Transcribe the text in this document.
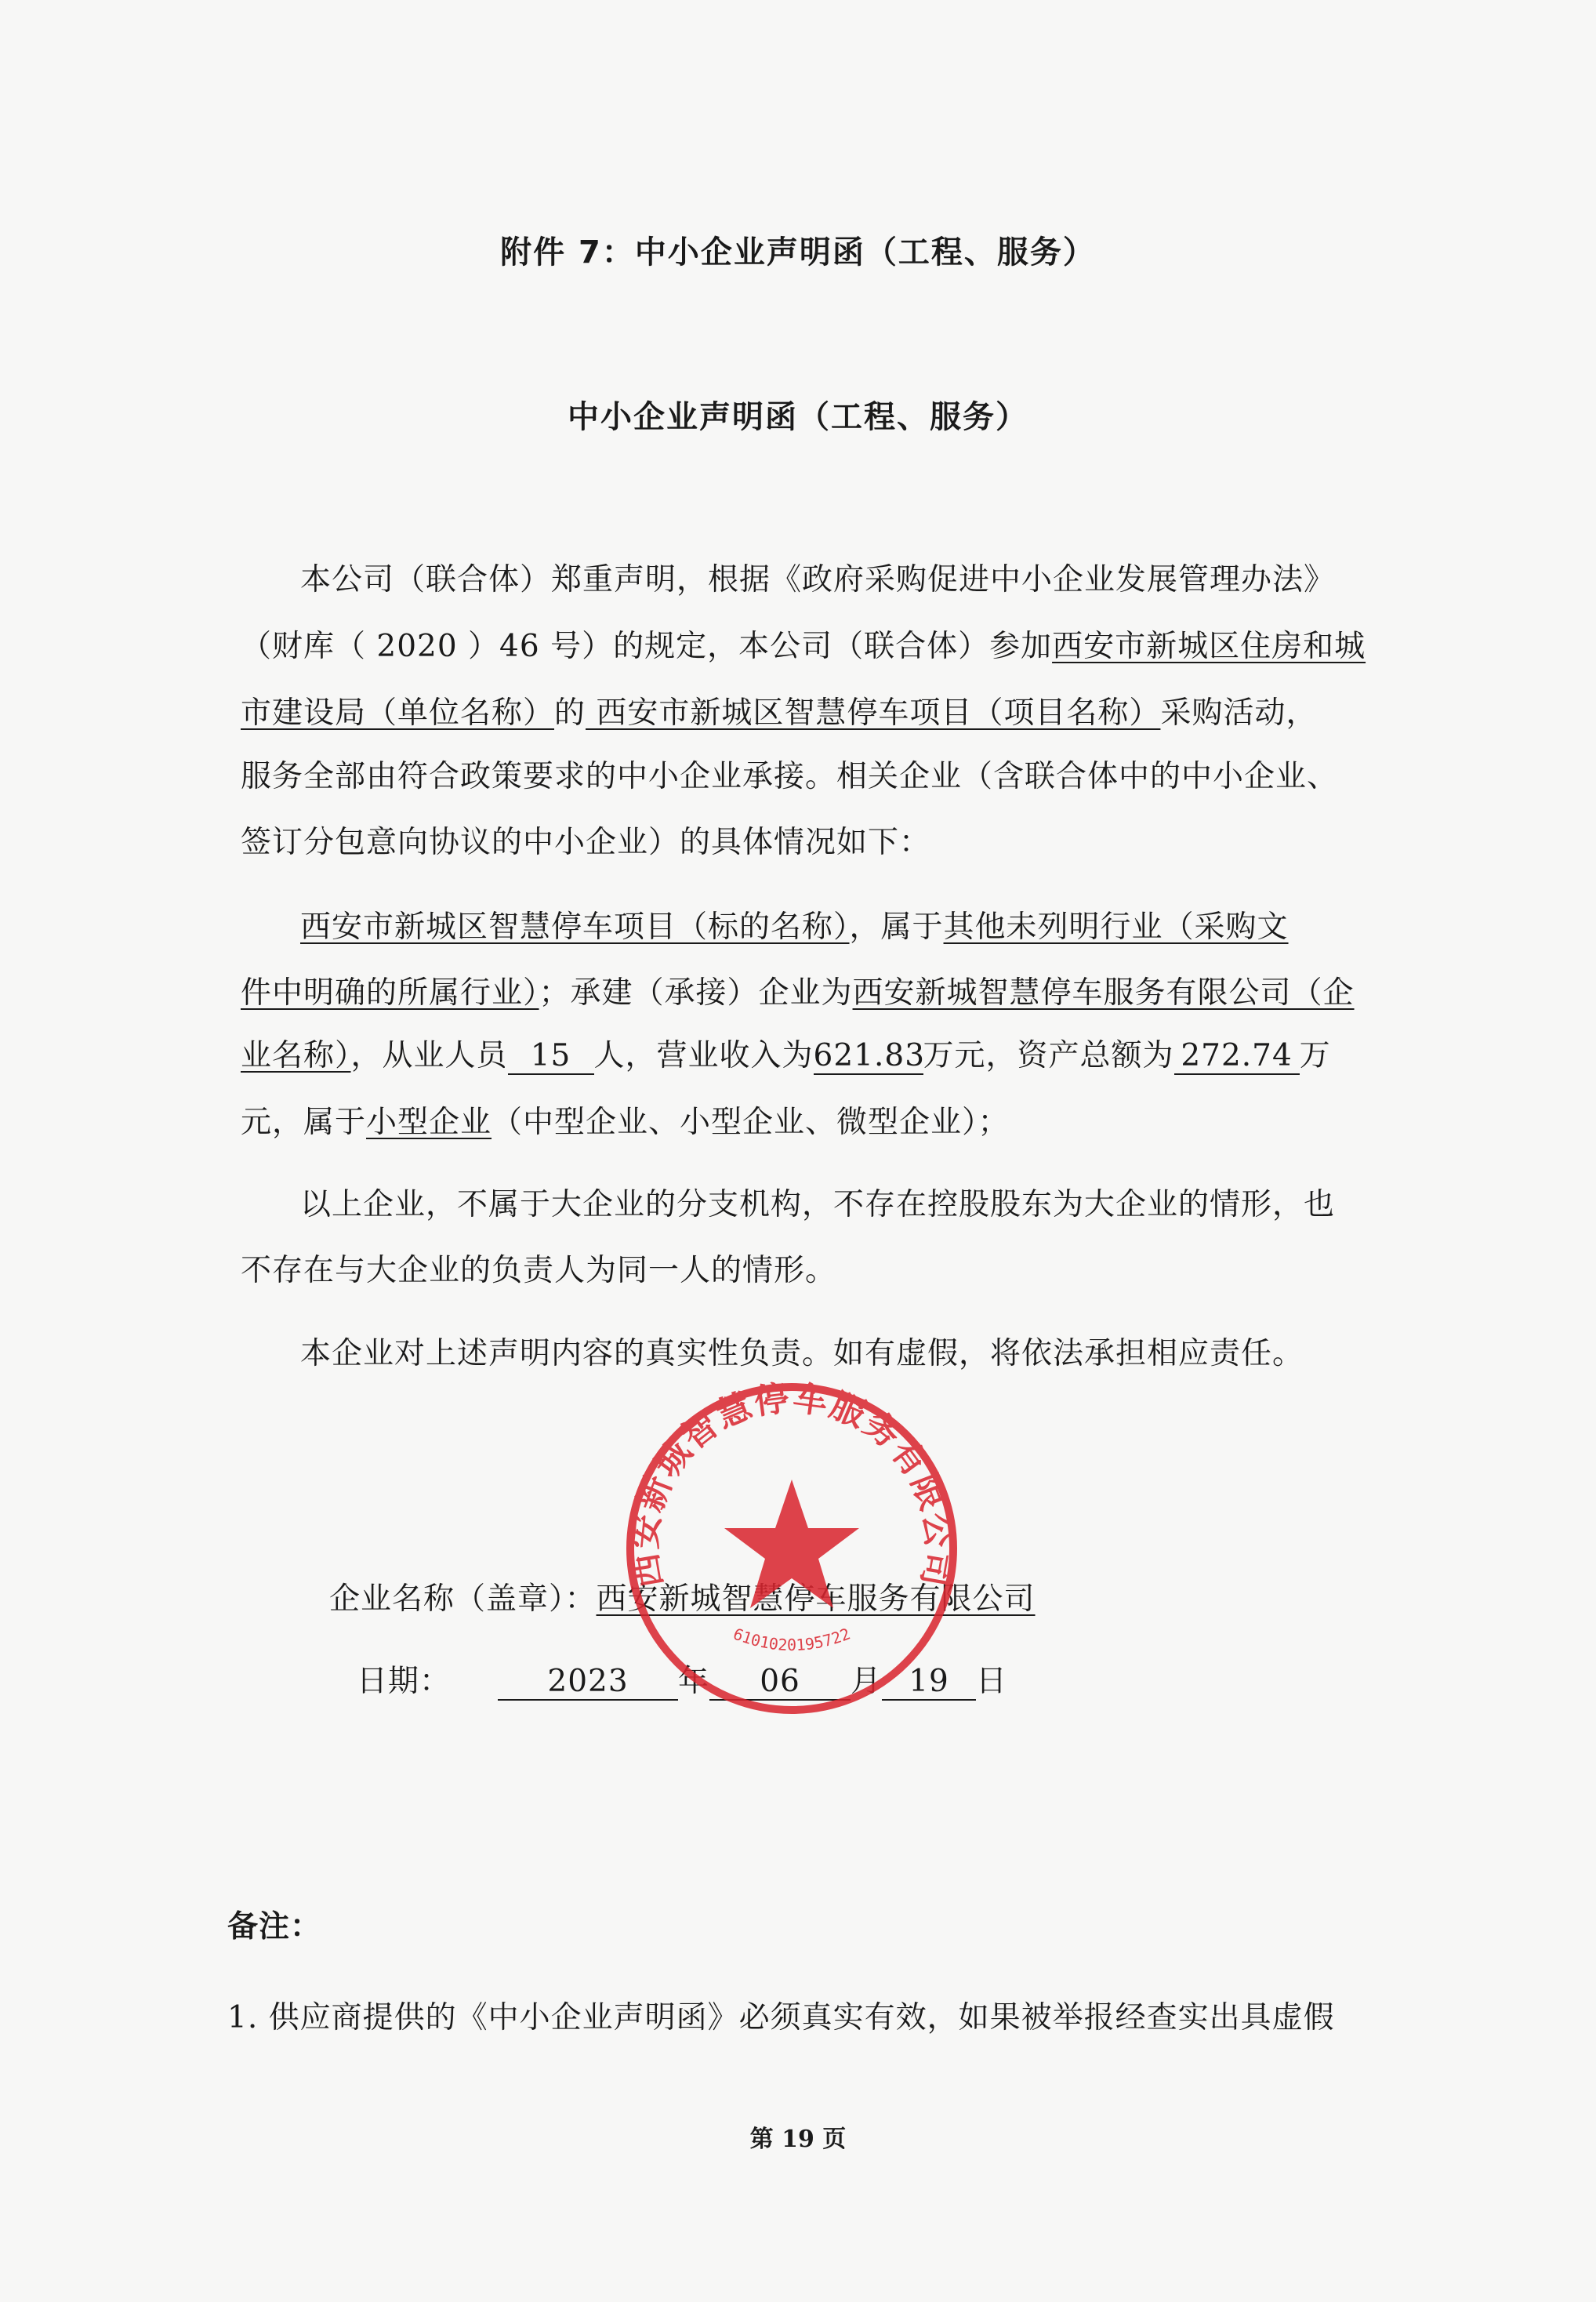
附件 7：中小企业声明函（工程、服务）
中小企业声明函（工程、服务）
本公司（联合体）郑重声明，根据《政府采购促进中小企业发展管理办法》
（财库（ 2020 ）46 号）的规定，本公司（联合体）参加西安市新城区住房和城
市建设局（单位名称）的 西安市新城区智慧停车项目（项目名称）采购活动，
服务全部由符合政策要求的中小企业承接。相关企业（含联合体中的中小企业、
签订分包意向协议的中小企业）的具体情况如下：
西安市新城区智慧停车项目（标的名称），属于其他未列明行业（采购文
件中明确的所属行业）；承建（承接）企业为西安新城智慧停车服务有限公司（企
业名称），从业人员 15 人，营业收入为621.83万元，资产总额为 272.74 万
元，属于小型企业（中型企业、小型企业、微型企业）；
以上企业，不属于大企业的分支机构，不存在控股股东为大企业的情形，也
不存在与大企业的负责人为同一人的情形。
本企业对上述声明内容的真实性负责。如有虚假，将依法承担相应责任。
企业名称（盖章）：西安新城智慧停车服务有限公司
日期：	2023 年 06 月 19 日
西安新城智慧停车服务有限公司
6101020195722
备注：
1. 供应商提供的《中小企业声明函》必须真实有效，如果被举报经查实出具虚假
第 19 页
